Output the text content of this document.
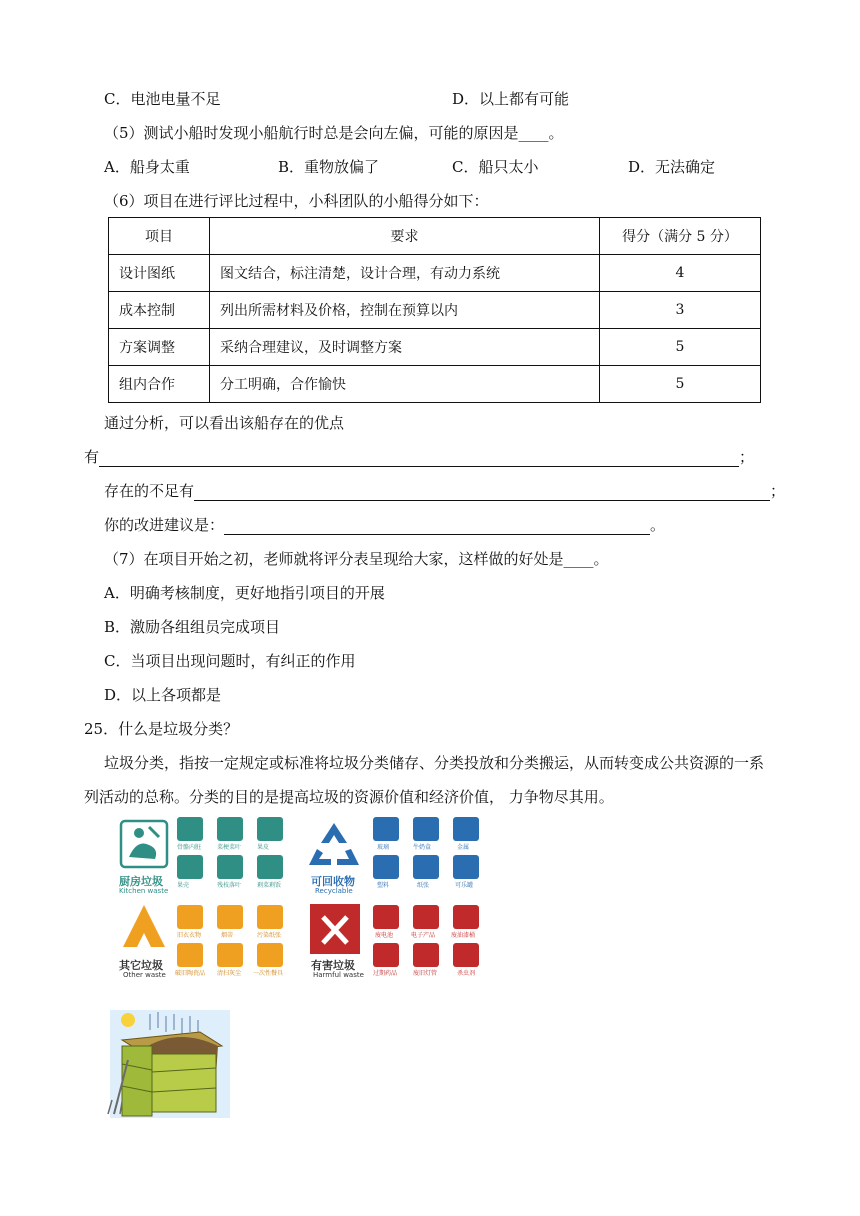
C．电池电量不足	D．以上都有可能
（5）测试小船时发现小船航行时总是会向左偏，可能的原因是____。
A．船身太重	B．重物放偏了	C．船只太小	D．无法确定
（6）项目在进行评比过程中，小科团队的小船得分如下：
项目	要求	得分（满分 5 分）
设计图纸	图文结合，标注清楚，设计合理，有动力系统	4
成本控制	列出所需材料及价格，控制在预算以内	3
方案调整	采纳合理建议，及时调整方案	5
组内合作	分工明确，合作愉快	5
通过分析，可以看出该船存在的优点
有	；
存在的不足有	；
你的改进建议是：	。
（7）在项目开始之初，老师就将评分表呈现给大家，这样做的好处是____。
A．明确考核制度，更好地指引项目的开展
B．激励各组组员完成项目
C．当项目出现问题时，有纠正的作用
D．以上各项都是
25．什么是垃圾分类？
垃圾分类，指按一定规定或标准将垃圾分类储存、分类投放和分类搬运，从而转变成公共资源的一系
列活动的总称。分类的目的是提高垃圾的资源价值和经济价值， 力争物尽其用。
厨房垃圾
Kitchen waste
骨骼内脏	菜梗菜叶	果皮
果壳	残枝落叶	剩菜剩饭	可回收物
Recyclable
玻璃	牛奶盒	金属
塑料	纸张	可乐罐
其它垃圾
Other waste
旧衣衣物	烟蒂	污染纸张
破旧陶瓷品 清扫灰尘 一次性餐具
有害垃圾
Harmful waste
废电池	电子产品	废油漆桶
过期药品	废旧灯管	杀虫剂
